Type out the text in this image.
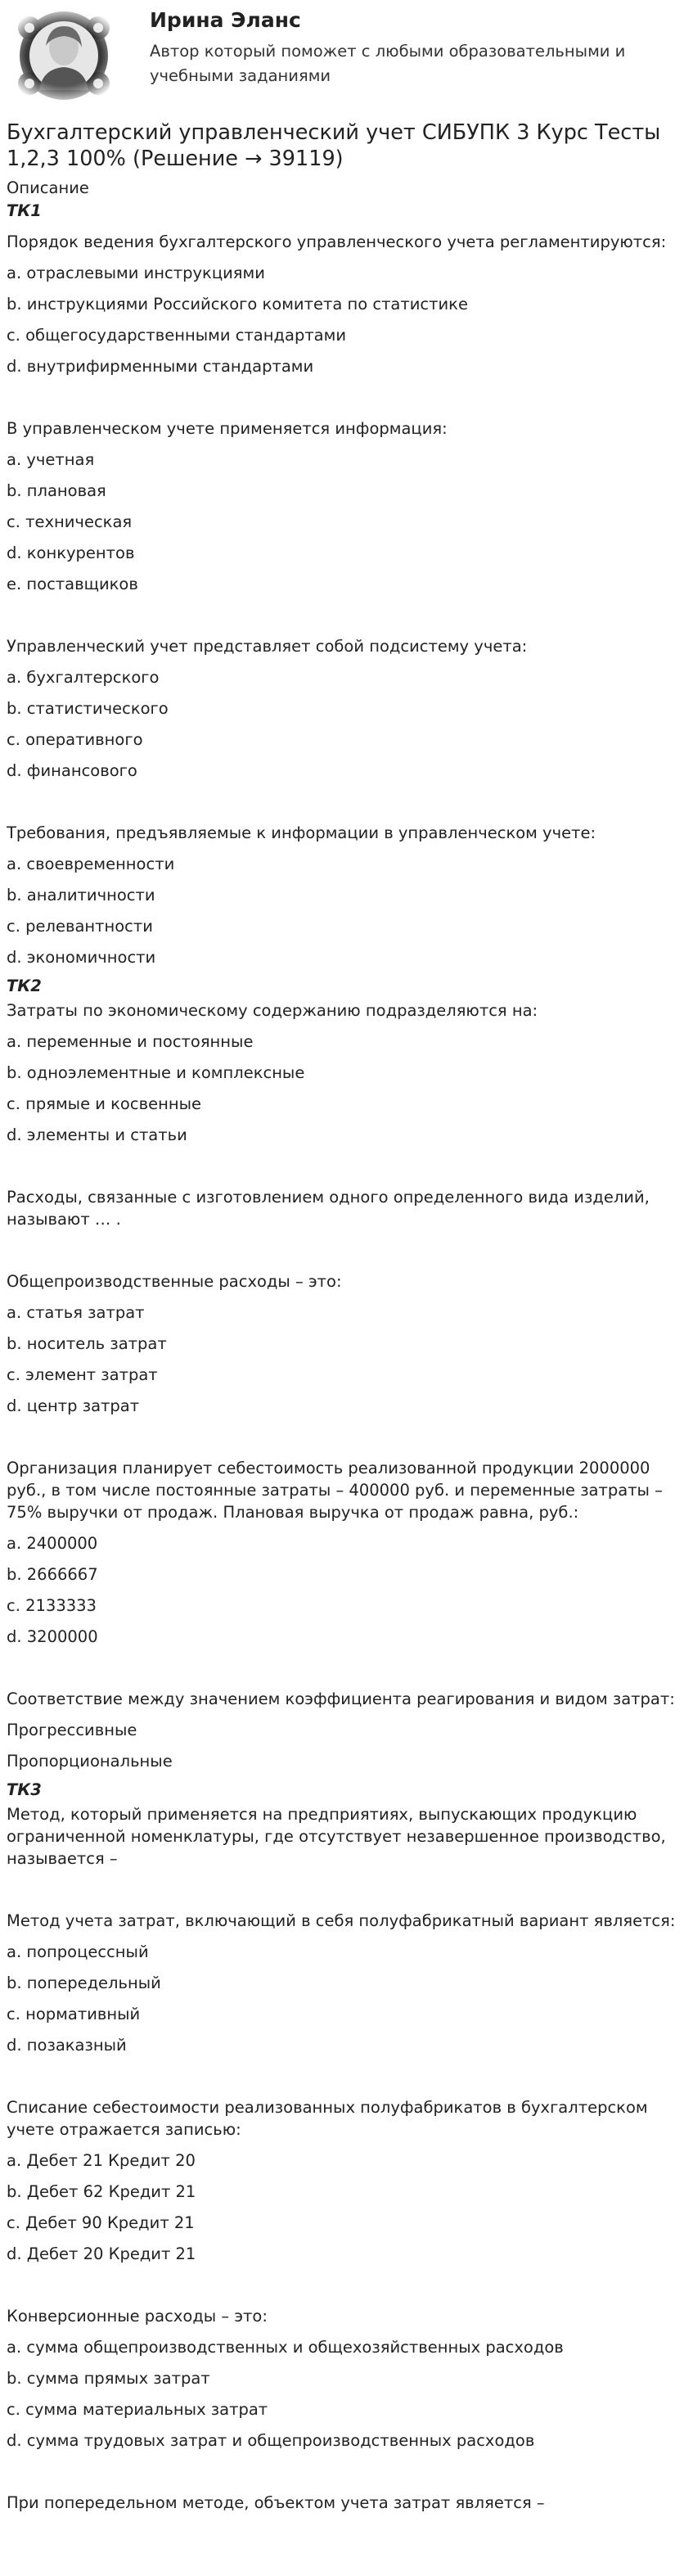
Ирина Эланс
Автор который поможет с любыми образовательными и учебными заданиями
Бухгалтерский управленческий учет СИБУПК 3 Курс Тесты 1,2,3 100% (Решение → 39119)
Описание
ТК1
Порядок ведения бухгалтерского управленческого учета регламентируются:
a. отраслевыми инструкциями
b. инструкциями Российского комитета по статистике
c. общегосударственными стандартами
d. внутрифирменными стандартами
В управленческом учете применяется информация:
a. учетная
b. плановая
c. техническая
d. конкурентов
e. поставщиков
Управленческий учет представляет собой подсистему учета:
a. бухгалтерского
b. статистического
c. оперативного
d. финансового
Требования, предъявляемые к информации в управленческом учете:
a. своевременности
b. аналитичности
c. релевантности
d. экономичности
ТК2
Затраты по экономическому содержанию подразделяются на:
a. переменные и постоянные
b. одноэлементные и комплексные
c. прямые и косвенные
d. элементы и статьи
Расходы, связанные с изготовлением одного определенного вида изделий, называют … .
Общепроизводственные расходы – это:
a. статья затрат
b. носитель затрат
c. элемент затрат
d. центр затрат
Организация планирует себестоимость реализованной продукции 2000000 руб., в том числе постоянные затраты – 400000 руб. и переменные затраты – 75% выручки от продаж. Плановая выручка от продаж равна, руб.:
a. 2400000
b. 2666667
c. 2133333
d. 3200000
Соответствие между значением коэффициента реагирования и видом затрат:
Прогрессивные
Пропорциональные
ТК3
Метод, который применяется на предприятиях, выпускающих продукцию ограниченной номенклатуры, где отсутствует незавершенное производство, называется –
Метод учета затрат, включающий в себя полуфабрикатный вариант является:
a. попроцессный
b. попередельный
c. нормативный
d. позаказный
Списание себестоимости реализованных полуфабрикатов в бухгалтерском учете отражается записью:
a. Дебет 21 Кредит 20
b. Дебет 62 Кредит 21
c. Дебет 90 Кредит 21
d. Дебет 20 Кредит 21
Конверсионные расходы – это:
a. сумма общепроизводственных и общехозяйственных расходов
b. сумма прямых затрат
c. сумма материальных затрат
d. сумма трудовых затрат и общепроизводственных расходов
При попередельном методе, объектом учета затрат является –
